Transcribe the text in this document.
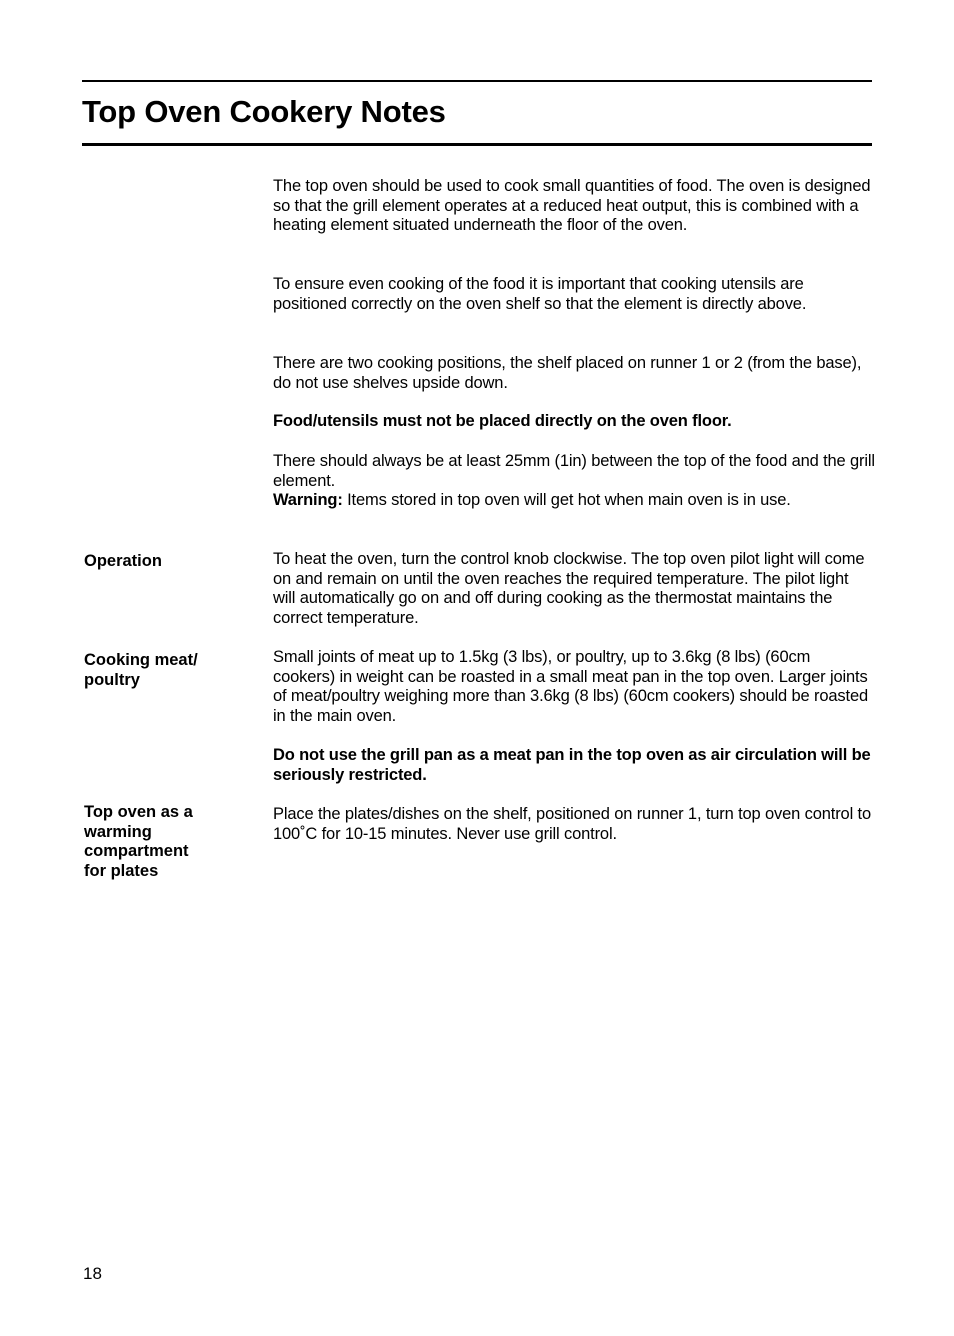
Top Oven Cookery Notes

The top oven should be used to cook small quantities of food. The oven is designed so that the grill element operates at a reduced heat output, this is combined with a heating element situated underneath the floor of the oven.

To ensure even cooking of the food it is important that cooking utensils are positioned correctly on the oven shelf so that the element is directly above.

There are two cooking positions, the shelf placed on runner 1 or 2 (from the base), do not use shelves upside down.

Food/utensils must not be placed directly on the oven floor.

There should always be at least 25mm (1in) between the top of the food and the grill element.
Warning: Items stored in top oven will get hot when main oven is in use.

Operation	To heat the oven, turn the control knob clockwise. The top oven pilot light will come on and remain on until the oven reaches the required temperature. The pilot light will automatically go on and off during cooking as the thermostat maintains the correct temperature.

Cooking meat/ poultry

Small joints of meat up to 1.5kg (3 lbs), or poultry, up to 3.6kg (8 lbs) (60cm cookers) in weight can be roasted in a small meat pan in the top oven. Larger joints of meat/poultry weighing more than 3.6kg (8 lbs) (60cm cookers) should be roasted in the main oven.

Do not use the grill pan as a meat pan in the top oven as air circulation will be seriously restricted.

Top oven as a warming compartment for plates

Place the plates/dishes on the shelf, positioned on runner 1, turn top oven control to 100˚C for 10-15 minutes. Never use grill control.

18
